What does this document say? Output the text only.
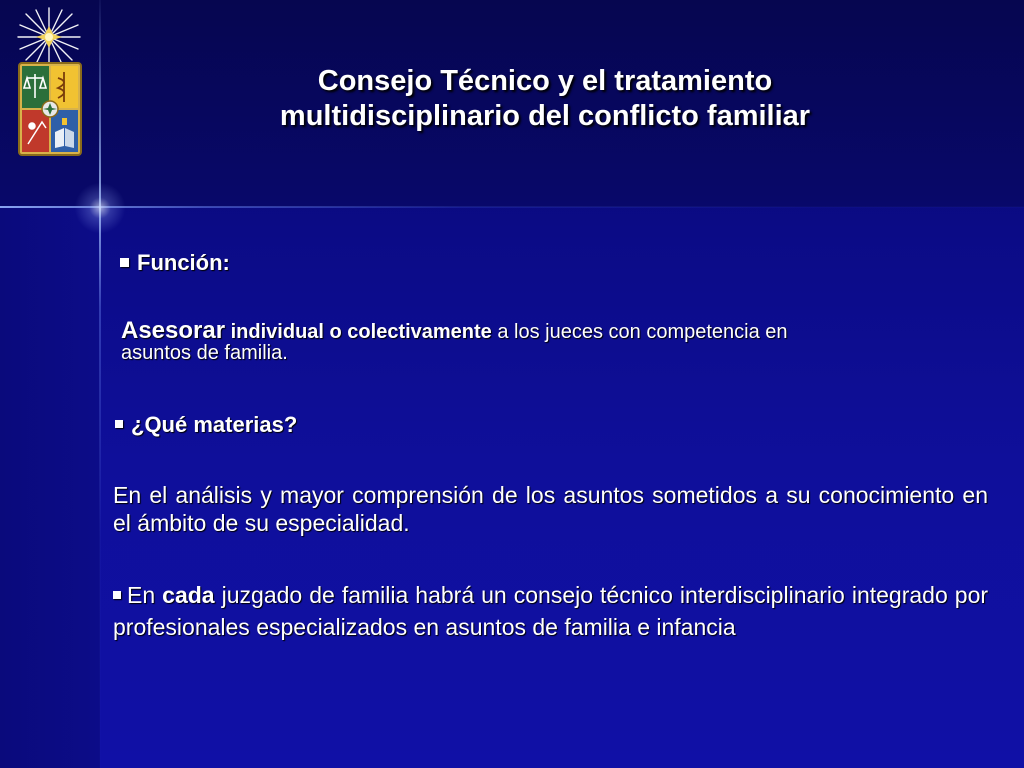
Consejo Técnico y el tratamiento
multidisciplinario del conflicto familiar
Función:
Asesorar individual o colectivamente a los jueces con competencia en
asuntos de familia.
¿Qué materias?
En el análisis y mayor comprensión de los asuntos sometidos a su conocimiento en el ámbito de su especialidad.
En cada juzgado de familia habrá un consejo técnico interdisciplinario integrado por profesionales especializados en asuntos de familia e infancia
